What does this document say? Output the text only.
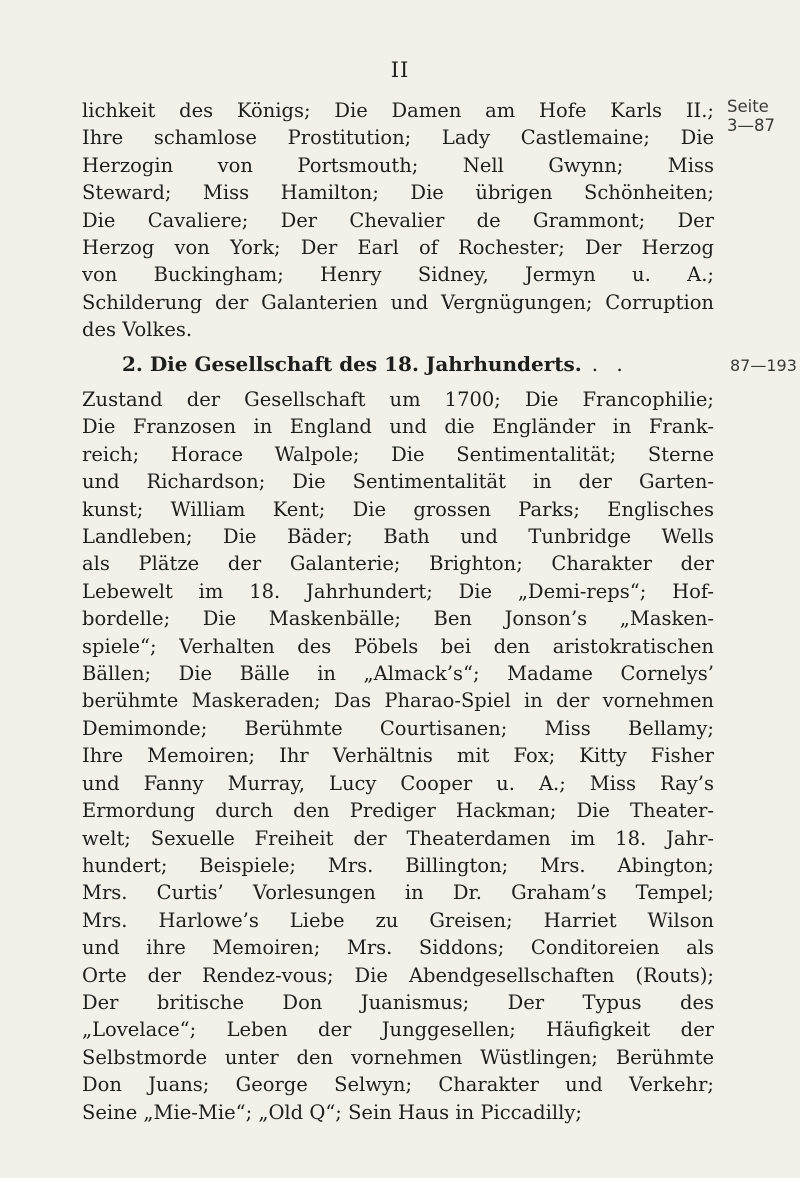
II
lichkeit des Königs; Die Damen am Hofe Karls II.;
Ihre schamlose Prostitution; Lady Castlemaine; Die
Herzogin von Portsmouth; Nell Gwynn; Miss
Steward; Miss Hamilton; Die übrigen Schönheiten;
Die Cavaliere; Der Chevalier de Grammont; Der
Herzog von York; Der Earl of Rochester; Der Herzog
von Buckingham; Henry Sidney, Jermyn u. A.;
Schilderung der Galanterien und Vergnügungen; Corruption
des Volkes.
Seite
3—87
2. Die Gesellschaft des 18. Jahrhunderts. . .	87—193
Zustand der Gesellschaft um 1700; Die Francophilie;
Die Franzosen in England und die Engländer in Frank-
reich; Horace Walpole; Die Sentimentalität; Sterne
und Richardson; Die Sentimentalität in der Garten-
kunst; William Kent; Die grossen Parks; Englisches
Landleben; Die Bäder; Bath und Tunbridge Wells
als Plätze der Galanterie; Brighton; Charakter der
Lebewelt im 18. Jahrhundert; Die „Demi-reps“; Hof-
bordelle; Die Maskenbälle; Ben Jonson’s „Masken-
spiele“; Verhalten des Pöbels bei den aristokratischen
Bällen; Die Bälle in „Almack’s“; Madame Cornelys’
berühmte Maskeraden; Das Pharao-Spiel in der vornehmen
Demimonde; Berühmte Courtisanen; Miss Bellamy;
Ihre Memoiren; Ihr Verhältnis mit Fox; Kitty Fisher
und Fanny Murray, Lucy Cooper u. A.; Miss Ray’s
Ermordung durch den Prediger Hackman; Die Theater-
welt; Sexuelle Freiheit der Theaterdamen im 18. Jahr-
hundert; Beispiele; Mrs. Billington; Mrs. Abington;
Mrs. Curtis’ Vorlesungen in Dr. Graham’s Tempel;
Mrs. Harlowe’s Liebe zu Greisen; Harriet Wilson
und ihre Memoiren; Mrs. Siddons; Conditoreien als
Orte der Rendez-vous; Die Abendgesellschaften (Routs);
Der britische Don Juanismus; Der Typus des
„Lovelace“; Leben der Junggesellen; Häufigkeit der
Selbstmorde unter den vornehmen Wüstlingen; Berühmte
Don Juans; George Selwyn; Charakter und Verkehr;
Seine „Mie-Mie“; „Old Q“; Sein Haus in Piccadilly;
